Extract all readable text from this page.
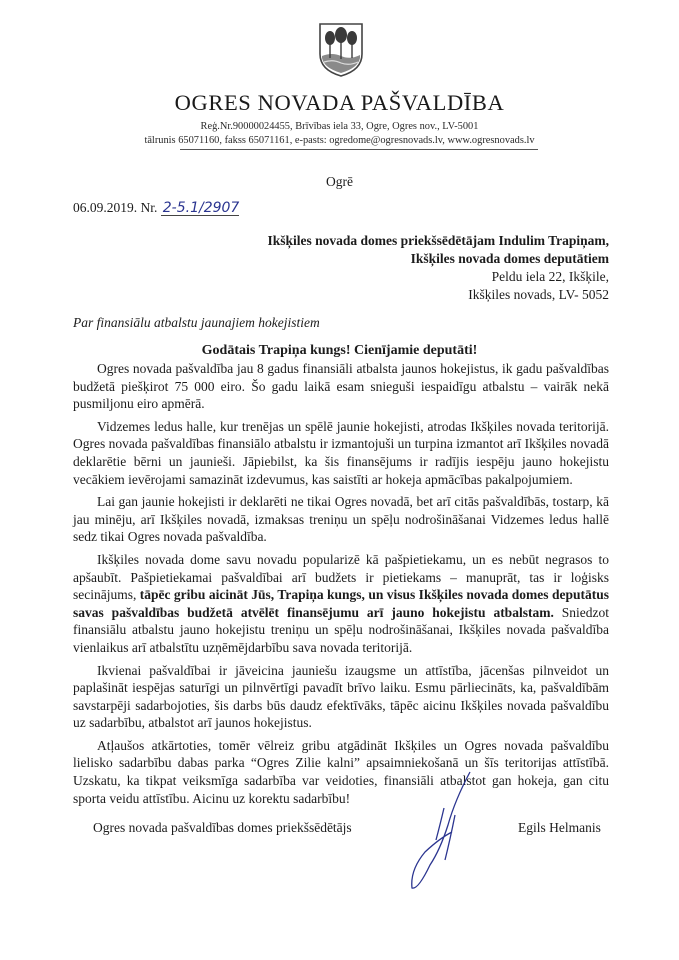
OGRES NOVADA PAŠVALDĪBA
Reģ.Nr.90000024455, Brīvības iela 33, Ogre, Ogres nov., LV-5001
tālrunis 65071160, fakss 65071161, e-pasts: ogredome@ogresnovads.lv, www.ogresnovads.lv
Ogrē
06.09.2019. Nr. 2-5.1/2907
Ikšķiles novada domes priekšsēdētājam Indulim Trapiņam,
Ikšķiles novada domes deputātiem
Peldu iela 22, Ikšķile,
Ikšķiles novads, LV- 5052
Par finansiālu atbalstu jaunajiem hokejistiem
Godātais Trapiņa kungs! Cienījamie deputāti!

Ogres novada pašvaldība jau 8 gadus finansiāli atbalsta jaunos hokejistus, ik gadu pašvaldības budžetā piešķirot 75 000 eiro. Šo gadu laikā esam snieguši iespaidīgu atbalstu – vairāk nekā pusmiljonu eiro apmērā.

Vidzemes ledus halle, kur trenējas un spēlē jaunie hokejisti, atrodas Ikšķiles novada teritorijā. Ogres novada pašvaldības finansiālo atbalstu ir izmantojuši un turpina izmantot arī Ikšķiles novadā deklarētie bērni un jaunieši. Jāpiebilst, ka šis finansējums ir radījis iespēju jauno hokejistu vecākiem ievērojami samazināt izdevumus, kas saistīti ar hokeja apmācības pakalpojumiem.

Lai gan jaunie hokejisti ir deklarēti ne tikai Ogres novadā, bet arī citās pašvaldībās, tostarp, kā jau minēju, arī Ikšķiles novadā, izmaksas treniņu un spēļu nodrošināšanai Vidzemes ledus hallē sedz tikai Ogres novada pašvaldība.

Ikšķiles novada dome savu novadu popularizē kā pašpietiekamu, un es nebūt negrasos to apšaubīt. Pašpietiekamai pašvaldībai arī budžets ir pietiekams – manuprāt, tas ir loģisks secinājums, tāpēc gribu aicināt Jūs, Trapiņa kungs, un visus Ikšķiles novada domes deputātus savas pašvaldības budžetā atvēlēt finansējumu arī jauno hokejistu atbalstam. Sniedzot finansiālu atbalstu jauno hokejistu treniņu un spēļu nodrošināšanai, Ikšķiles novada pašvaldība vienlaikus arī atbalstītu uzņēmējdarbību sava novada teritorijā.

Ikvienai pašvaldībai ir jāveicina jauniešu izaugsme un attīstība, jācenšas pilnveidot un paplašināt iespējas saturīgi un pilnvērtīgi pavadīt brīvo laiku. Esmu pārliecināts, ka, pašvaldībām savstarpēji sadarbojoties, šis darbs būs daudz efektīvāks, tāpēc aicinu Ikšķiles novada pašvaldību uz sadarbību, atbalstot arī jaunos hokejistus.

Atļaušos atkārtoties, tomēr vēlreiz gribu atgādināt Ikšķiles un Ogres novada pašvaldību lielisko sadarbību dabas parka “Ogres Zilie kalni” apsaimniekošanā un šīs teritorijas attīstībā. Uzskatu, ka tikpat veiksmīga sadarbība var veidoties, finansiāli atbalstot gan hokeja, gan citu sporta veidu attīstību. Aicinu uz korektu sadarbību!

Ogres novada pašvaldības domes priekšsēdētājs	Egils Helmanis
